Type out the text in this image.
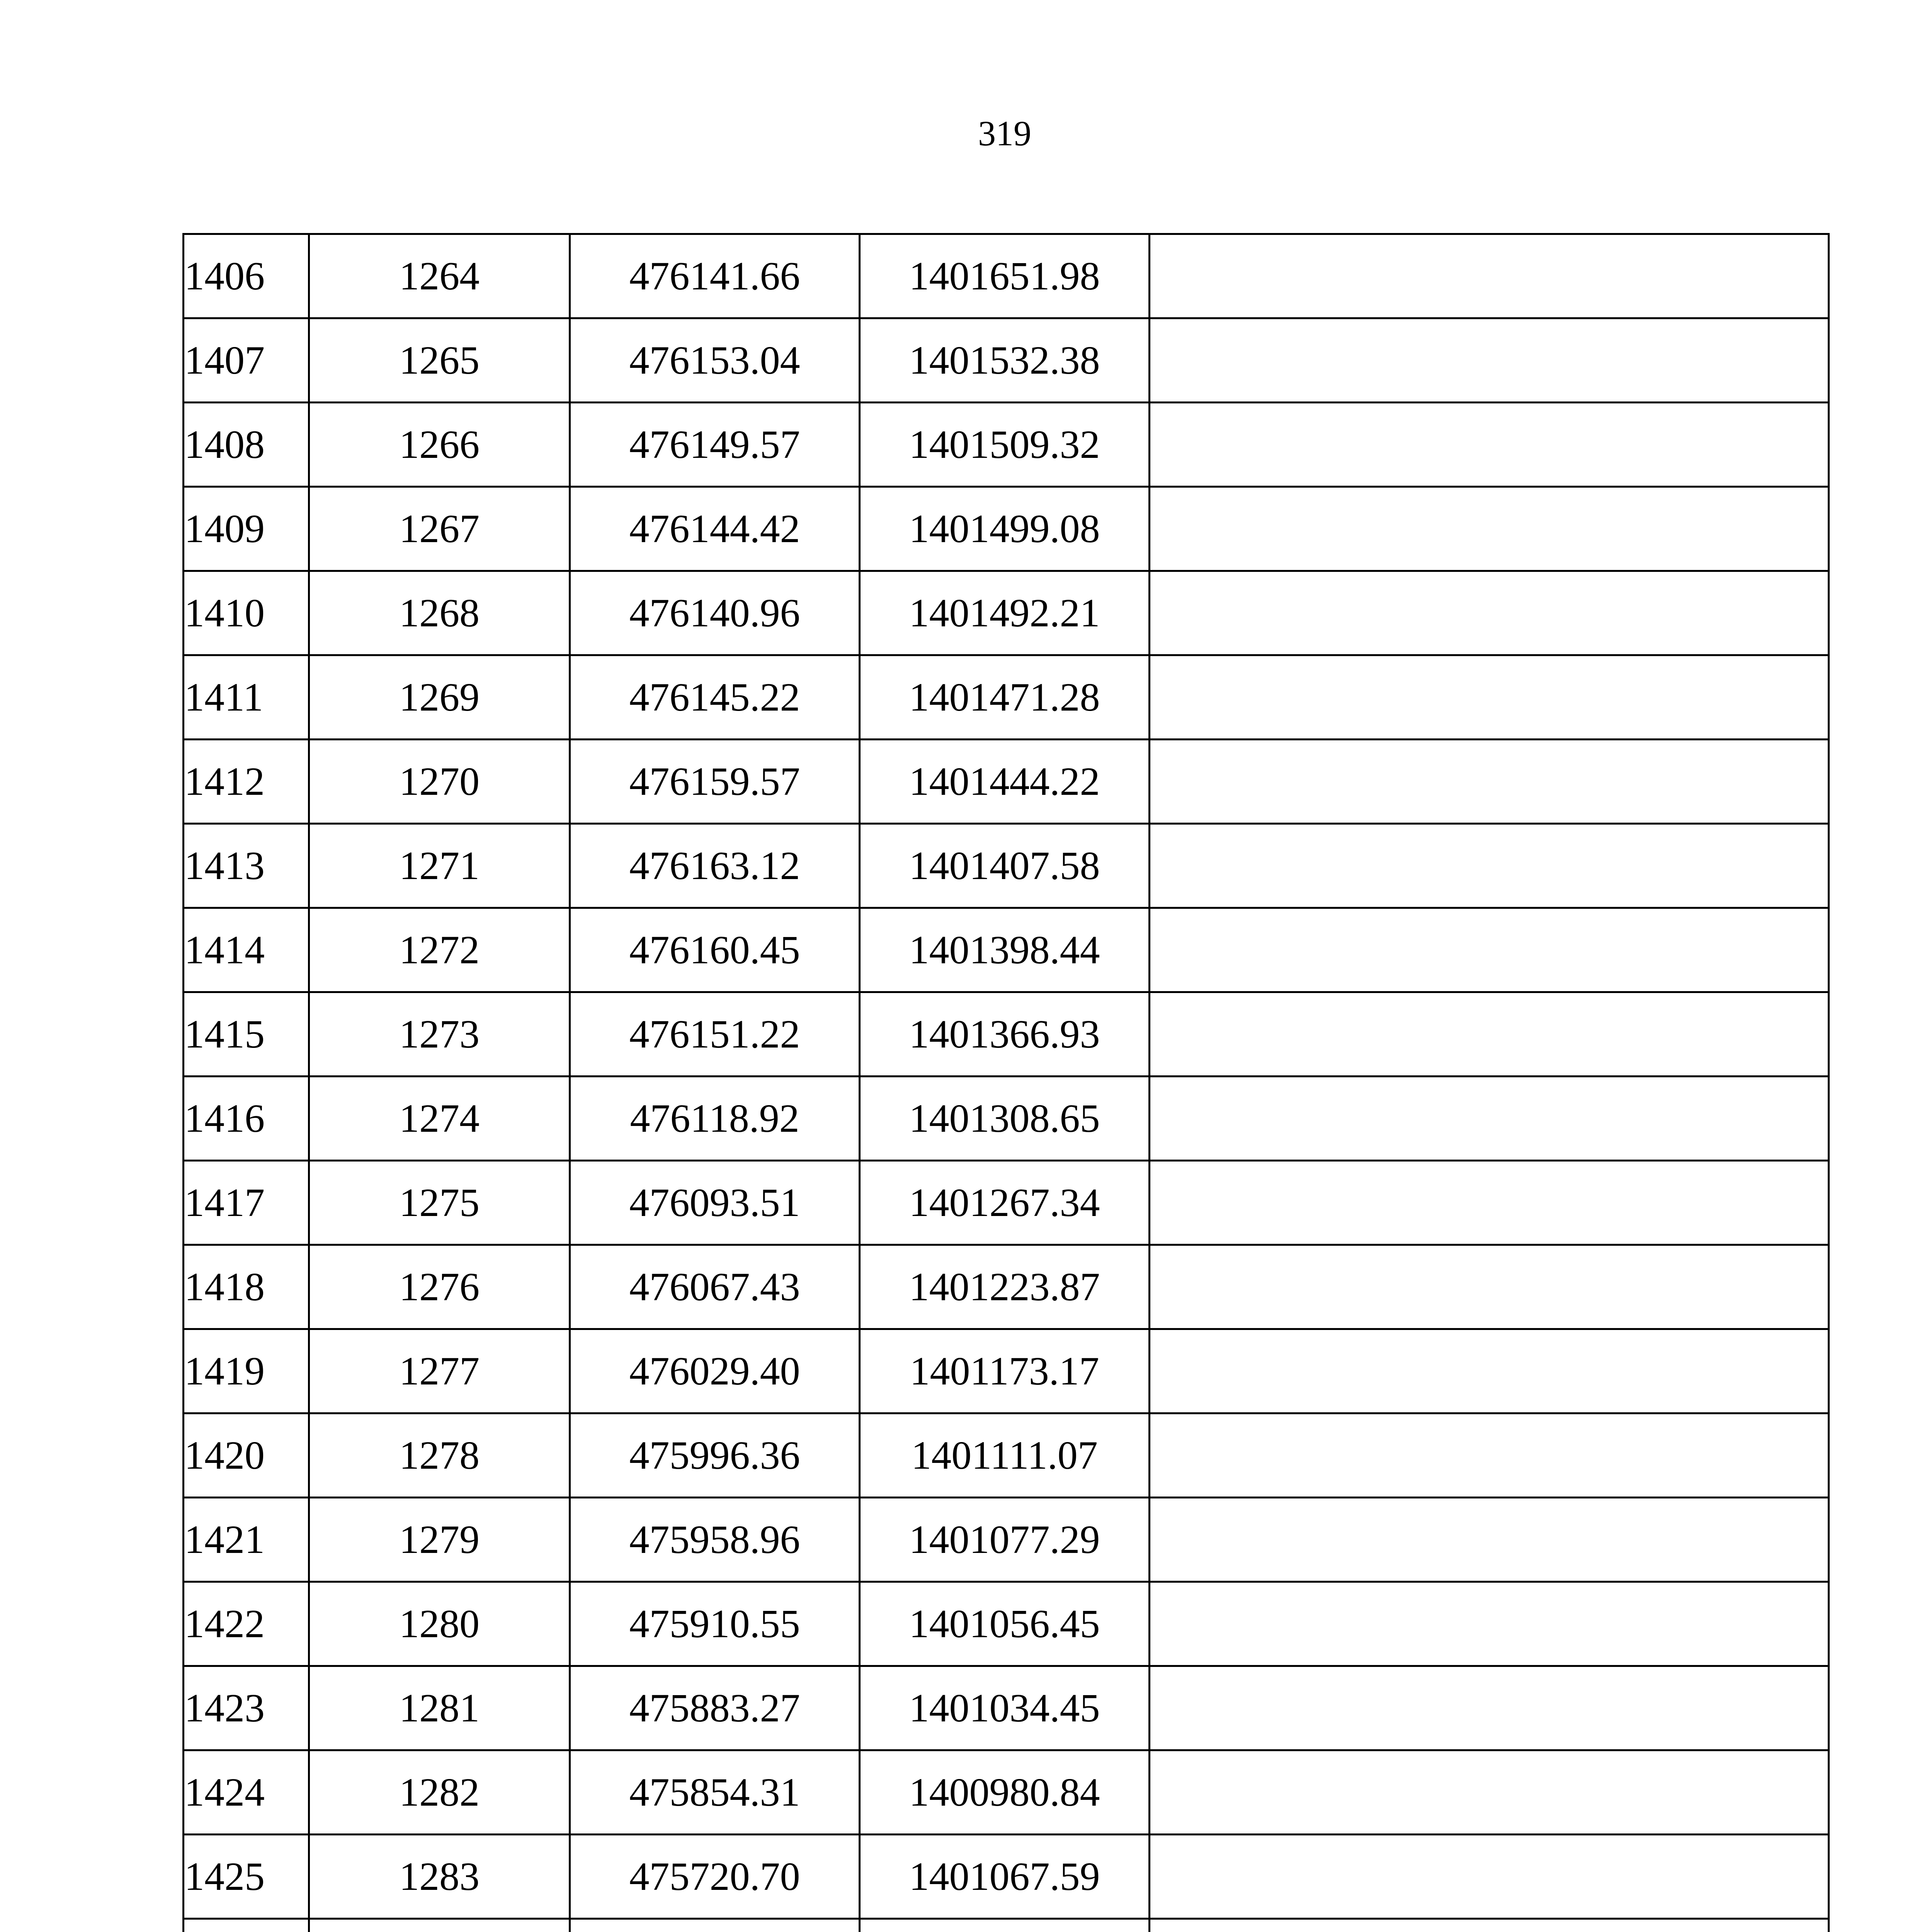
319
1406	1264	476141.66	1401651.98	
1407	1265	476153.04	1401532.38	
1408	1266	476149.57	1401509.32	
1409	1267	476144.42	1401499.08	
1410	1268	476140.96	1401492.21	
1411	1269	476145.22	1401471.28	
1412	1270	476159.57	1401444.22	
1413	1271	476163.12	1401407.58	
1414	1272	476160.45	1401398.44	
1415	1273	476151.22	1401366.93	
1416	1274	476118.92	1401308.65	
1417	1275	476093.51	1401267.34	
1418	1276	476067.43	1401223.87	
1419	1277	476029.40	1401173.17	
1420	1278	475996.36	1401111.07	
1421	1279	475958.96	1401077.29	
1422	1280	475910.55	1401056.45	
1423	1281	475883.27	1401034.45	
1424	1282	475854.31	1400980.84	
1425	1283	475720.70	1401067.59	
